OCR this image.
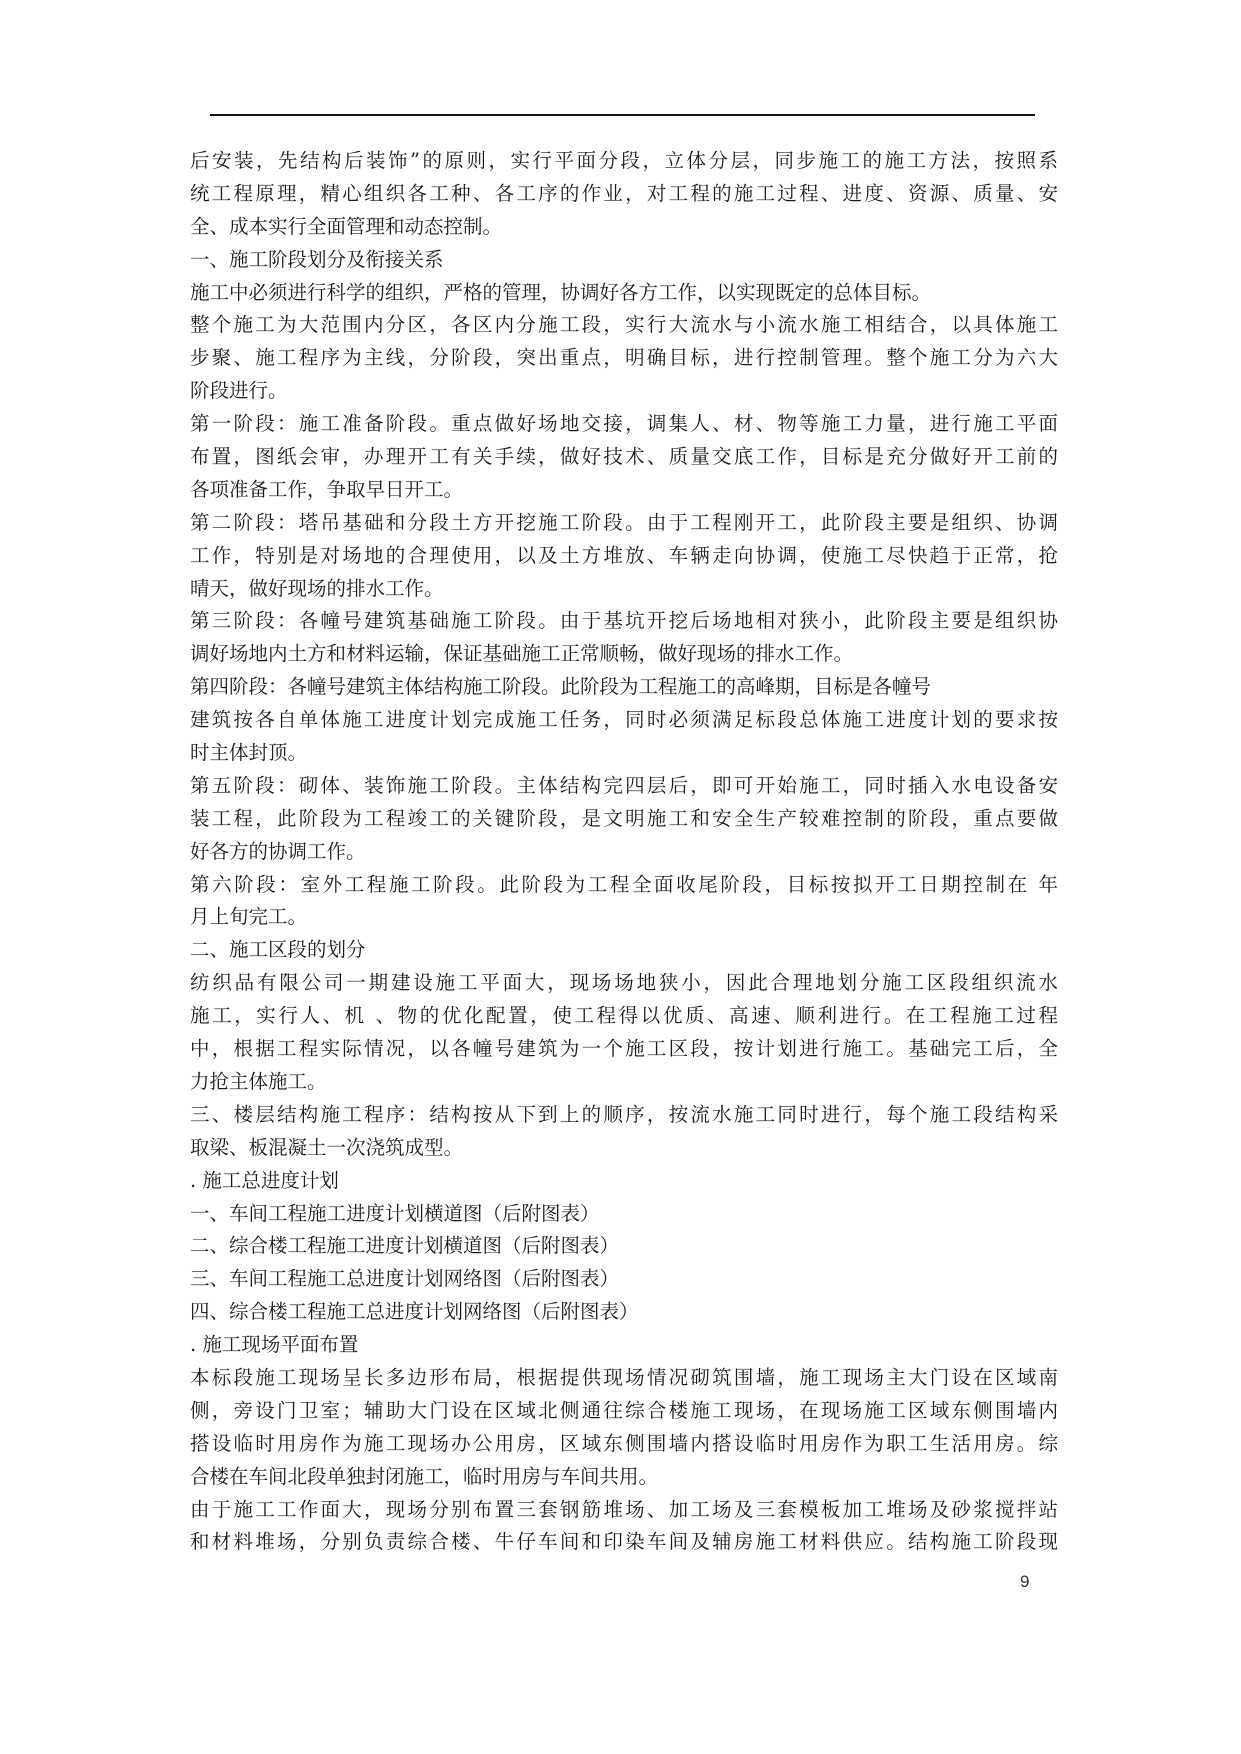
后安装，先结构后装饰”的原则，实行平面分段，立体分层，同步施工的施工方法，按照系
统工程原理，精心组织各工种、各工序的作业，对工程的施工过程、进度、资源、质量、安
全、成本实行全面管理和动态控制。
一、施工阶段划分及衔接关系
施工中必须进行科学的组织，严格的管理，协调好各方工作，以实现既定的总体目标。
整个施工为大范围内分区，各区内分施工段，实行大流水与小流水施工相结合，以具体施工
步聚、施工程序为主线，分阶段，突出重点，明确目标，进行控制管理。整个施工分为六大
阶段进行。
第一阶段：施工准备阶段。重点做好场地交接，调集人、材、物等施工力量，进行施工平面
布置，图纸会审，办理开工有关手续，做好技术、质量交底工作，目标是充分做好开工前的
各项准备工作，争取早日开工。
第二阶段：塔吊基础和分段土方开挖施工阶段。由于工程刚开工，此阶段主要是组织、协调
工作，特别是对场地的合理使用，以及土方堆放、车辆走向协调，使施工尽快趋于正常，抢
晴天，做好现场的排水工作。
第三阶段：各幢号建筑基础施工阶段。由于基坑开挖后场地相对狭小，此阶段主要是组织协
调好场地内土方和材料运输，保证基础施工正常顺畅，做好现场的排水工作。
第四阶段：各幢号建筑主体结构施工阶段。此阶段为工程施工的高峰期，目标是各幢号
建筑按各自单体施工进度计划完成施工任务，同时必须满足标段总体施工进度计划的要求按
时主体封顶。
第五阶段：砌体、装饰施工阶段。主体结构完四层后，即可开始施工，同时插入水电设备安
装工程，此阶段为工程竣工的关键阶段，是文明施工和安全生产较难控制的阶段，重点要做
好各方的协调工作。
第六阶段：室外工程施工阶段。此阶段为工程全面收尾阶段，目标按拟开工日期控制在 年
月上旬完工。
二、施工区段的划分
纺织品有限公司一期建设施工平面大，现场场地狭小，因此合理地划分施工区段组织流水
施工，实行人、机 、物的优化配置，使工程得以优质、高速、顺利进行。在工程施工过程
中，根据工程实际情况，以各幢号建筑为一个施工区段，按计划进行施工。基础完工后，全
力抢主体施工。
三、楼层结构施工程序：结构按从下到上的顺序，按流水施工同时进行，每个施工段结构采
取梁、板混凝土一次浇筑成型。
. 施工总进度计划
一、车间工程施工进度计划横道图（后附图表）
二、综合楼工程施工进度计划横道图（后附图表）
三、车间工程施工总进度计划网络图（后附图表）
四、综合楼工程施工总进度计划网络图（后附图表）
. 施工现场平面布置
本标段施工现场呈长多边形布局，根据提供现场情况砌筑围墙，施工现场主大门设在区域南
侧，旁设门卫室；辅助大门设在区域北侧通往综合楼施工现场，在现场施工区域东侧围墙内
搭设临时用房作为施工现场办公用房，区域东侧围墙内搭设临时用房作为职工生活用房。综
合楼在车间北段单独封闭施工，临时用房与车间共用。
由于施工工作面大，现场分别布置三套钢筋堆场、加工场及三套模板加工堆场及砂浆搅拌站
和材料堆场，分别负责综合楼、牛仔车间和印染车间及辅房施工材料供应。结构施工阶段现
9
